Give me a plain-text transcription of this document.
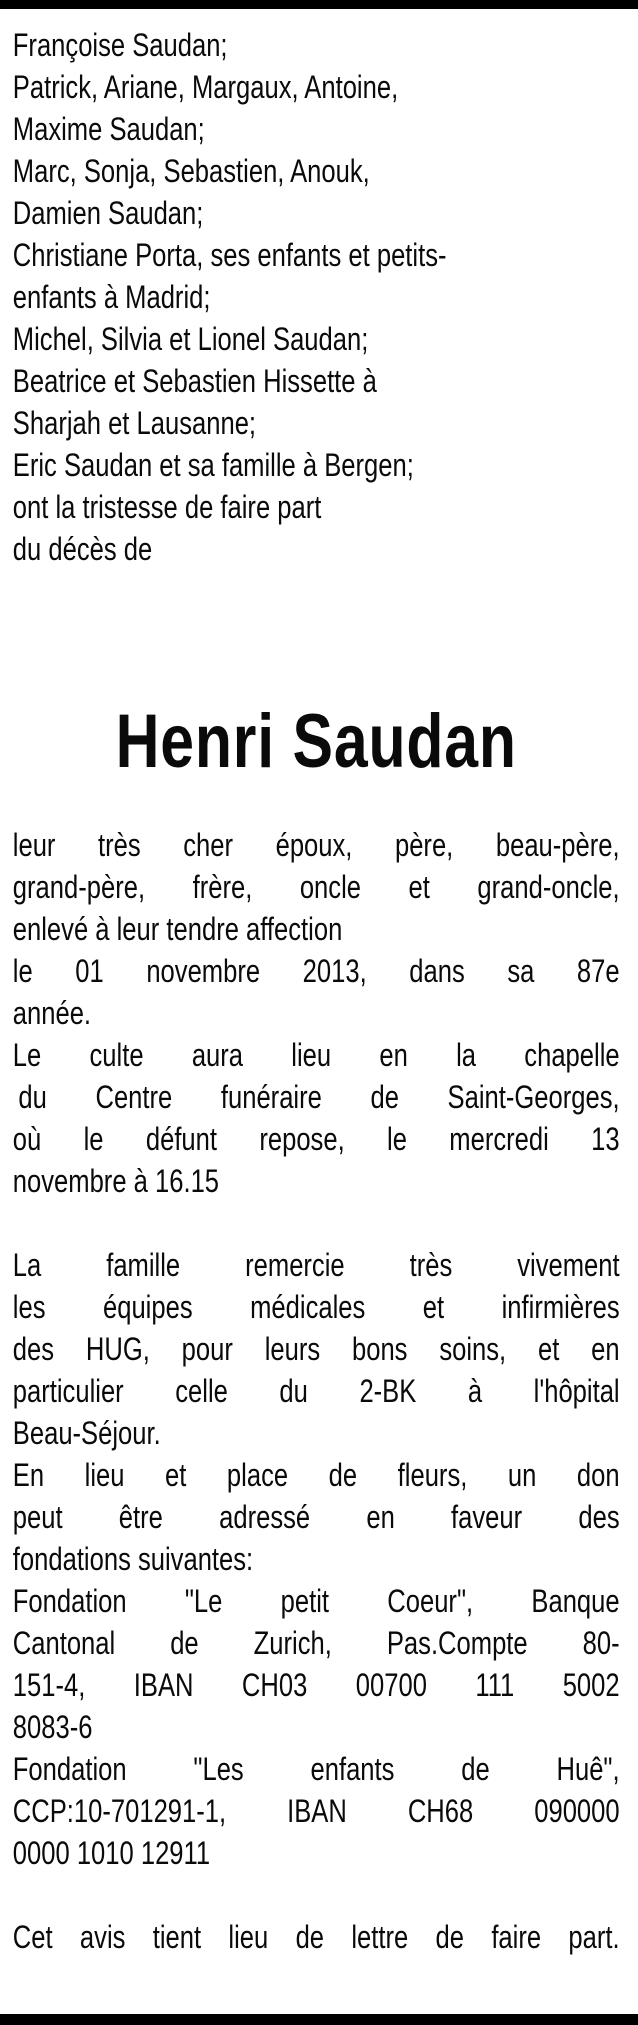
Françoise Saudan;
Patrick, Ariane, Margaux, Antoine,
Maxime Saudan;
Marc, Sonja, Sebastien, Anouk,
Damien Saudan;
Christiane Porta, ses enfants et petits-
enfants à Madrid;
Michel, Silvia et Lionel Saudan;
Beatrice et Sebastien Hissette à
Sharjah et Lausanne;
Eric Saudan et sa famille à Bergen;
ont la tristesse de faire part
du décès de
Henri Saudan
leur très cher époux, père, beau-père,
grand-père, frère, oncle et grand-oncle,
enlevé à leur tendre affection
le 01 novembre 2013, dans sa 87e
année.
Le culte aura lieu en la chapelle
du Centre funéraire de Saint-Georges,
où le défunt repose, le mercredi 13
novembre à 16.15
La famille remercie très vivement
les équipes médicales et infirmières
des HUG, pour leurs bons soins, et en
particulier celle du 2-BK à l'hôpital
Beau-Séjour.
En lieu et place de fleurs, un don
peut être adressé en faveur des
fondations suivantes:
Fondation "Le petit Coeur", Banque
Cantonal de Zurich, Pas.Compte 80-
151-4, IBAN CH03 00700 111 5002
8083-6
Fondation "Les enfants de Huê",
CCP:10-701291-1, IBAN CH68 090000
0000 1010 12911
Cet avis tient lieu de lettre de faire part.
